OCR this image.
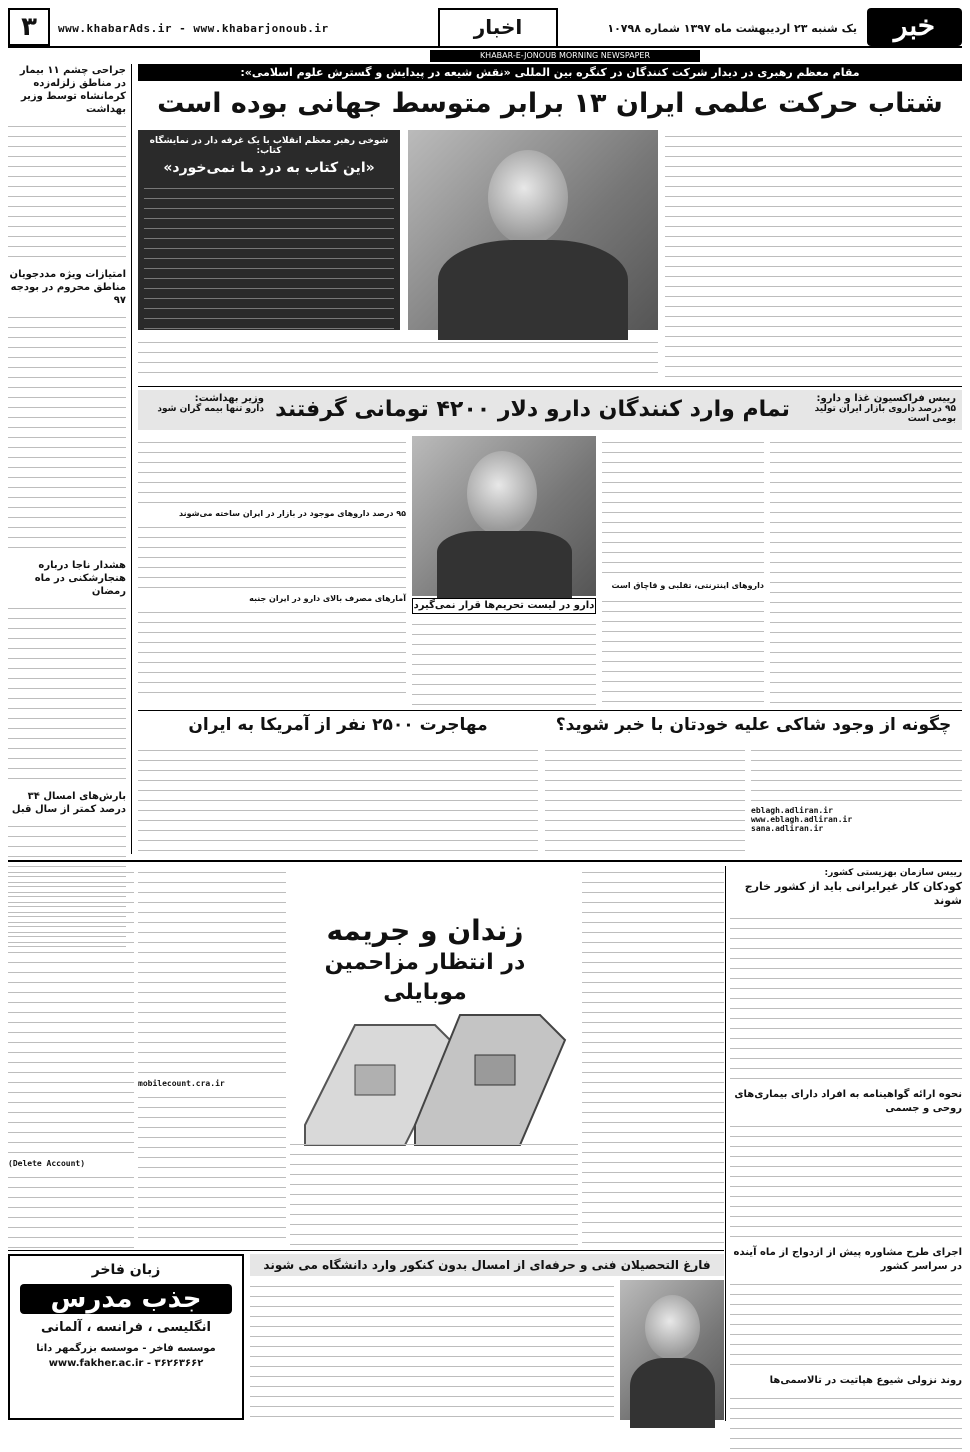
۳	www.khabarAds.ir - www.khabarjonoub.ir	اخبار	یک شنبه ۲۳ اردیبهشت ماه ۱۳۹۷ شماره ۱۰۷۹۸	خبر
جنوب
KHABAR-E-JONOUB MORNING NEWSPAPER
جراحی چشم ۱۱ بیمار در مناطق زلزله‌زده کرمانشاه توسط وزیر بهداشت
امتیازات ویژه مددجویان مناطق محروم در بودجه ۹۷
هشدار ناجا درباره هنجارشکنی در ماه رمضان
بارش‌های امسال ۳۴ درصد کمتر از سال قبل
مقام معظم رهبری در دیدار شرکت کنندگان در کنگره بین المللی «نقش شیعه در پیدایش و گسترش علوم اسلامی»:
شتاب حرکت علمی ایران ۱۳ برابر متوسط جهانی بوده است
شوخی رهبر معظم انقلاب با یک غرفه دار در نمایشگاه کتاب:
«این کتاب به درد ما نمی‌خورد»
رییس فراکسیون غذا و دارو:
۹۵ درصد داروی بازار ایران تولید بومی است
تمام وارد کنندگان دارو دلار ۴۲۰۰ تومانی گرفتند
وزیر بهداشت:
دارو تنها بیمه گران شود
داروهای اینترنتی، تقلبی و قاچاق است
دارو در لیست تحریم‌ها قرار نمی‌گیرد
۹۵ درصد داروهای موجود در بازار در ایران ساخته می‌شوند
آمارهای مصرف بالای دارو در ایران جنبه
چگونه از وجود شاکی علیه خودتان با خبر شوید؟
مهاجرت ۲۵۰۰ نفر از آمریکا به ایران
eblagh.adliran.ir
www.eblagh.adliran.ir
sana.adliran.ir
رییس سازمان بهزیستی کشور:
کودکان کار غیرایرانی باید از کشور خارج شوند
نحوه ارائه گواهینامه به افراد دارای بیماری‌های روحی و جسمی
اجرای طرح مشاوره پیش از ازدواج از ماه آینده در سراسر کشور
روند نزولی شیوع هپاتیت در تالاسمی‌ها
زندان و جریمه
در انتظار مزاحمین موبایلی
mobilecount.cra.ir
(Delete Account)
فارغ التحصیلان فنی و حرفه‌ای از امسال بدون کنکور وارد دانشگاه می شوند
زبان فاخر
جذب مدرس
انگلیسی ، فرانسه ، آلمانی
موسسه فاخر - موسسه بزرگمهر دانا
www.fakher.ac.ir - ۳۶۲۶۳۶۶۲
